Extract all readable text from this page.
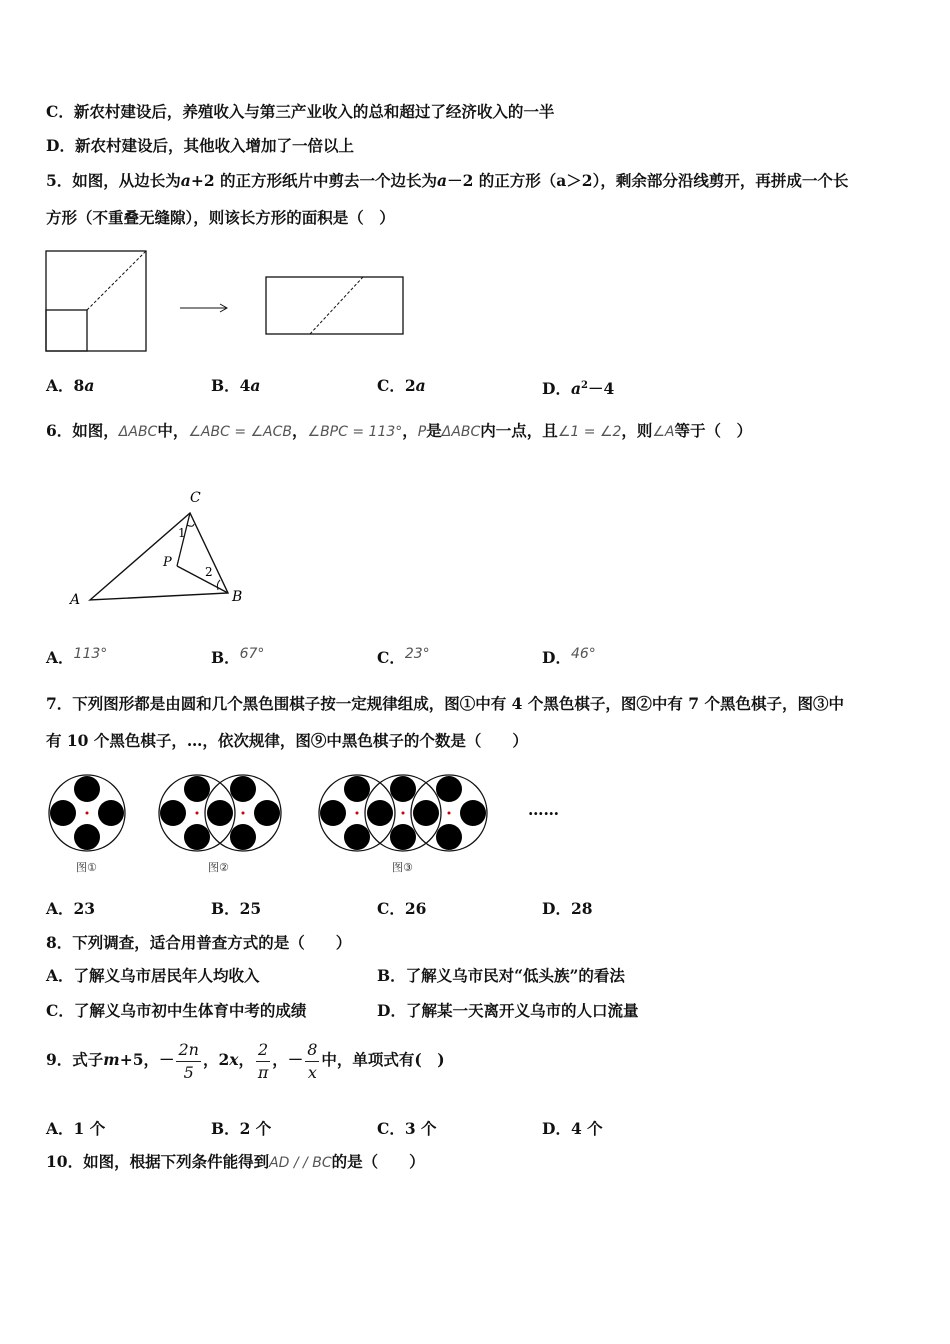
C．新农村建设后，养殖收入与第三产业收入的总和超过了经济收入的一半
D．新农村建设后，其他收入增加了一倍以上
5．如图，从边长为a+2 的正方形纸片中剪去一个边长为a－2 的正方形（a＞2），剩余部分沿线剪开，再拼成一个长
方形（不重叠无缝隙），则该长方形的面积是（　）
A．8a	B．4a	C．2a	D．$a^2-4$
6．如图，ΔABC中，∠ABC = ∠ACB，∠BPC = 113°，P是ΔABC内一点，且∠1 = ∠2，则∠A等于（　）
C
A	B
P
1
2
A．113°	B．67°	C．23°	D．46°
7．下列图形都是由圆和几个黑色围棋子按一定规律组成，图①中有 4 个黑色棋子，图②中有 7 个黑色棋子，图③中
有 10 个黑色棋子，…，依次规律，图⑨中黑色棋子的个数是（　　）
图①	图②	图③
……
A．23	B．25	C．26	D．28
8．下列调查，适合用普查方式的是（　　）
A．了解义乌市居民年人均收入	B．了解义乌市民对“低头族”的看法
C．了解义乌市初中生体育中考的成绩	D．了解某一天离开义乌市的人口流量
9．式子m+5，－ $\frac{2n}{5}$ ，2x， $\frac{2}{\pi}$ ，－ $\frac{8}{x}$ 中，单项式有(　)
A．1 个	B．2 个	C．3 个	D．4 个
10．如图，根据下列条件能得到AD / / BC的是（　　）
